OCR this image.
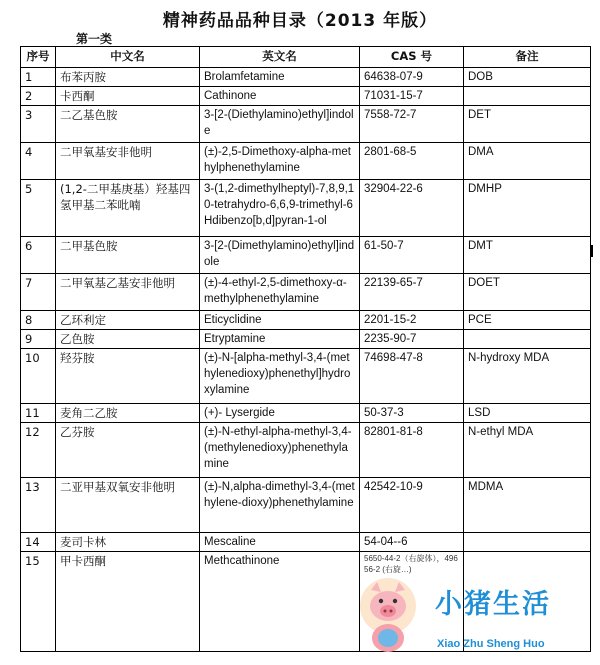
精神药品品种目录（2013 年版）
第一类
序号	中文名	英文名	CAS 号	备注
1	布苯丙胺	Brolamfetamine	64638-07-9	DOB
2	卡西酮	Cathinone	71031-15-7	
3	二乙基色胺	3-[2-(Diethylamino)ethyl]indole	7558-72-7	DET
4	二甲氧基安非他明	(±)-2,5-Dimethoxy-alpha-methylphenethylamine	2801-68-5	DMA
5	(1,2-二甲基庚基）羟基四氢甲基二苯吡喃	3-(1,2-dimethylheptyl)-7,8,9,10-tetrahydro-6,6,9-trimethyl-6Hdibenzo[b,d]pyran-1-ol	32904-22-6	DMHP
6	二甲基色胺	3-[2-(Dimethylamino)ethyl]indole	61-50-7	DMT
7	二甲氧基乙基安非他明	(±)-4-ethyl-2,5-dimethoxy-α-methylphenethylamine	22139-65-7	DOET
8	乙环利定	Eticyclidine	2201-15-2	PCE
9	乙色胺	Etryptamine	2235-90-7	
10	羟芬胺	(±)-N-[alpha-methyl-3,4-(methylenedioxy)phenethyl]hydroxylamine	74698-47-8	N-hydroxy MDA
11	麦角二乙胺	(+)- Lysergide	50-37-3	LSD
12	乙芬胺	(±)-N-ethyl-alpha-methyl-3,4-(methylenedioxy)phenethylamine	82801-81-8	N-ethyl MDA
13	二亚甲基双氧安非他明	(±)-N,alpha-dimethyl-3,4-(methylene-dioxy)phenethylamine	42542-10-9	MDMA
14	麦司卡林	Mescaline	54-04--6	
15	甲卡西酮	Methcathinone	5650-44-2（右旋体），49656-2 (右旋…)	

小猪生活
Xiao Zhu Sheng Huo
